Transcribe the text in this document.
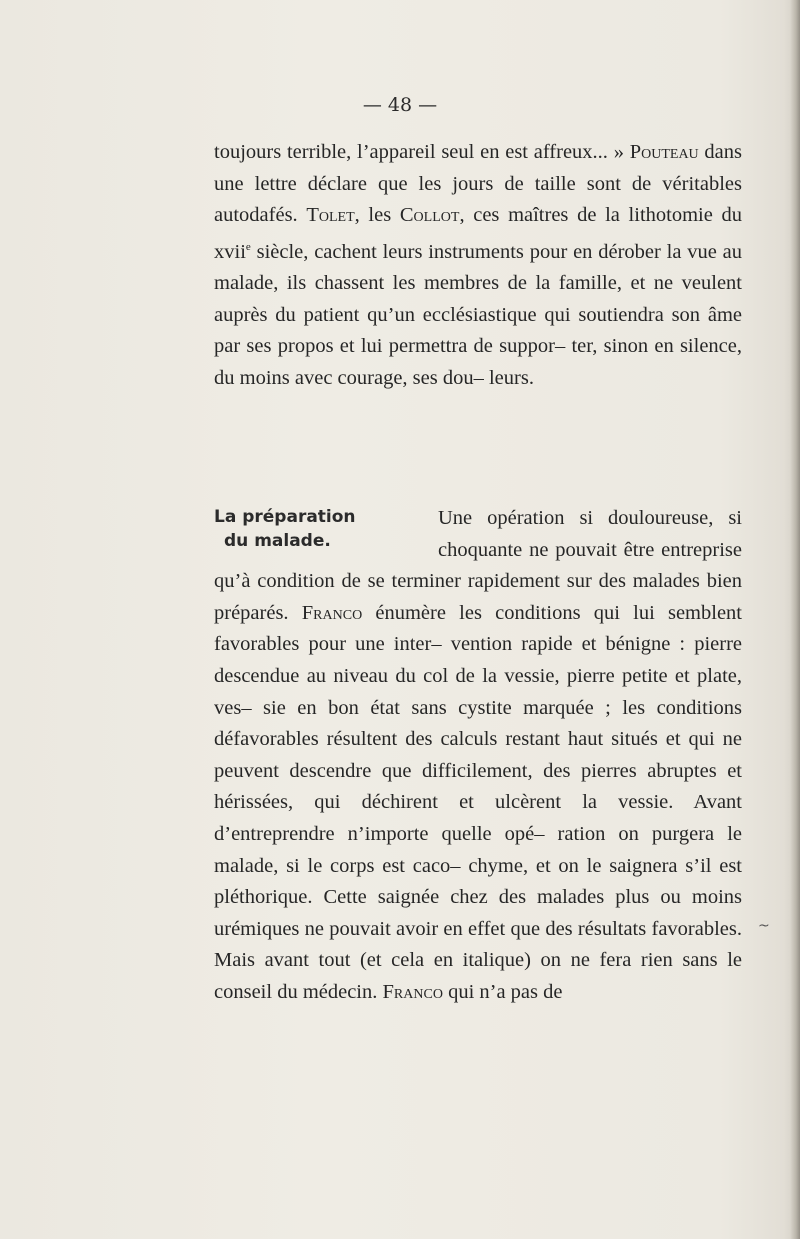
— 48 —
toujours terrible, l’appareil seul en est affreux... » Pouteau dans une lettre déclare que les jours de taille sont de véritables autodafés. Tolet, les Collot, ces maîtres de la lithotomie du xvii$^e$ siècle, cachent leurs instruments pour en dérober la vue au malade, ils chassent les membres de la famille, et ne veulent auprès du patient qu’un ecclésiastique qui soutiendra son âme par ses propos et lui permettra de suppor– ter, sinon en silence, du moins avec courage, ses dou– leurs.
La préparation
du malade.
Une opération si douloureuse, si choquante ne pouvait être entreprise qu’à condition de se terminer rapidement sur des malades bien préparés. Franco énumère les conditions qui lui semblent favorables pour une inter– vention rapide et bénigne : pierre descendue au niveau du col de la vessie, pierre petite et plate, ves– sie en bon état sans cystite marquée ; les conditions défavorables résultent des calculs restant haut situés et qui ne peuvent descendre que difficilement, des pierres abruptes et hérissées, qui déchirent et ulcèrent la vessie. Avant d’entreprendre n’importe quelle opé– ration on purgera le malade, si le corps est caco– chyme, et on le saignera s’il est pléthorique. Cette saignée chez des malades plus ou moins urémiques ne pouvait avoir en effet que des résultats favorables. Mais avant tout (et cela en italique) on ne fera rien sans le conseil du médecin. Franco qui n’a pas de
~
